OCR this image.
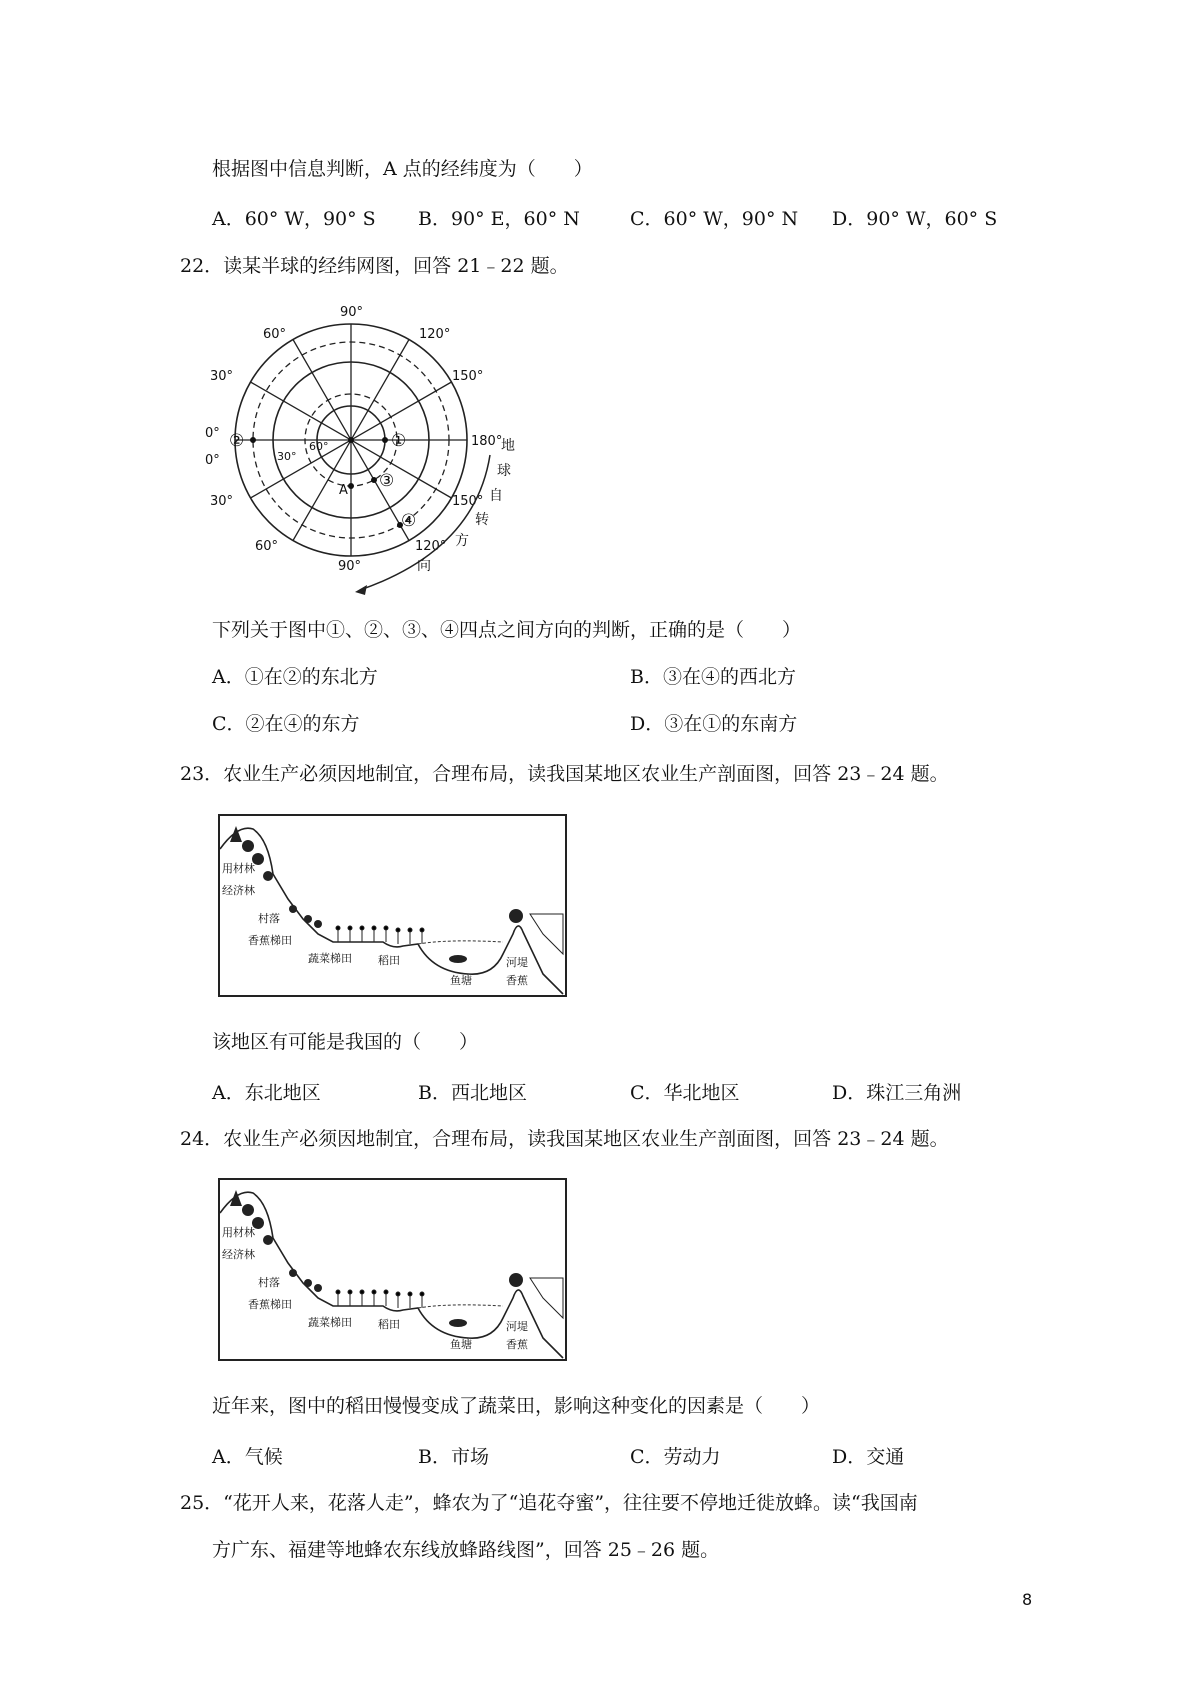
根据图中信息判断，A 点的经纬度为（　　）
A．60° W，90° S B．90° E，60° N	C．60° W，90° N D．90° W，60° S
22．读某半球的经纬网图，回答 21﹣22 题。
90°
60°	120°
30°	150°
0°
0°
180°
30°
60°
90°
120°
150°
30°
60°	①
②
③
④
A
地
球
自
转
方
向
下列关于图中①、②、③、④四点之间方向的判断，正确的是（　　）
A．①在②的东北方	B．③在④的西北方
C．②在④的东方	D．③在①的东南方
23．农业生产必须因地制宜，合理布局，读我国某地区农业生产剖面图，回答 23﹣24 题。
用材林
经济林
村落
香蕉梯田
蔬菜梯田 稻田
鱼塘
河堤
香蕉
该地区有可能是我国的（　　）
A．东北地区	B．西北地区	C．华北地区	D．珠江三角洲
24．农业生产必须因地制宜，合理布局，读我国某地区农业生产剖面图，回答 23﹣24 题。
用材林
经济林
村落
香蕉梯田
蔬菜梯田 稻田
鱼塘
河堤
香蕉
近年来，图中的稻田慢慢变成了蔬菜田，影响这种变化的因素是（　　）
A．气候	B．市场	C．劳动力	D．交通
25．“花开人来，花落人走”，蜂农为了“追花夺蜜”，往往要不停地迁徙放蜂。读“我国南
方广东、福建等地蜂农东线放蜂路线图”，回答 25﹣26 题。
8
